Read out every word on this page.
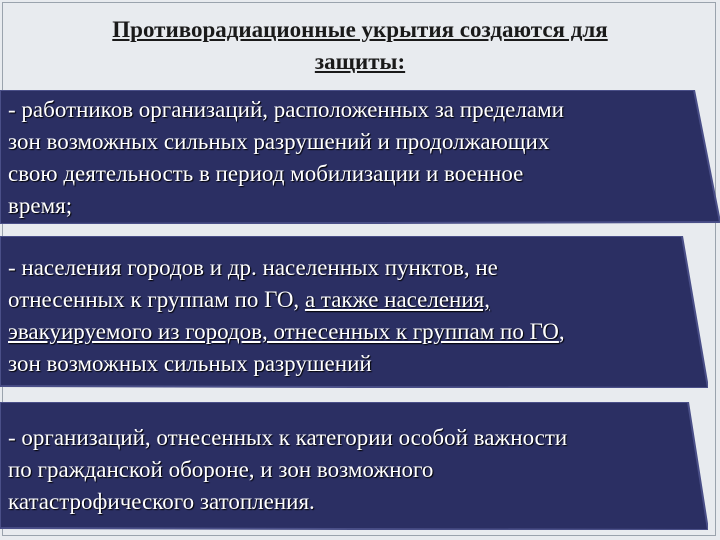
Противорадиационные укрытия создаются для
защиты:
- работников организаций, расположенных за пределами
зон возможных сильных разрушений и продолжающих
свою деятельность в период мобилизации и военное
время;
- населения городов и др. населенных пунктов, не
отнесенных к группам по ГО, а также населения,
эвакуируемого из городов, отнесенных к группам по ГО,
зон возможных сильных разрушений
- организаций, отнесенных к категории особой важности
по гражданской обороне, и зон возможного
катастрофического затопления.
